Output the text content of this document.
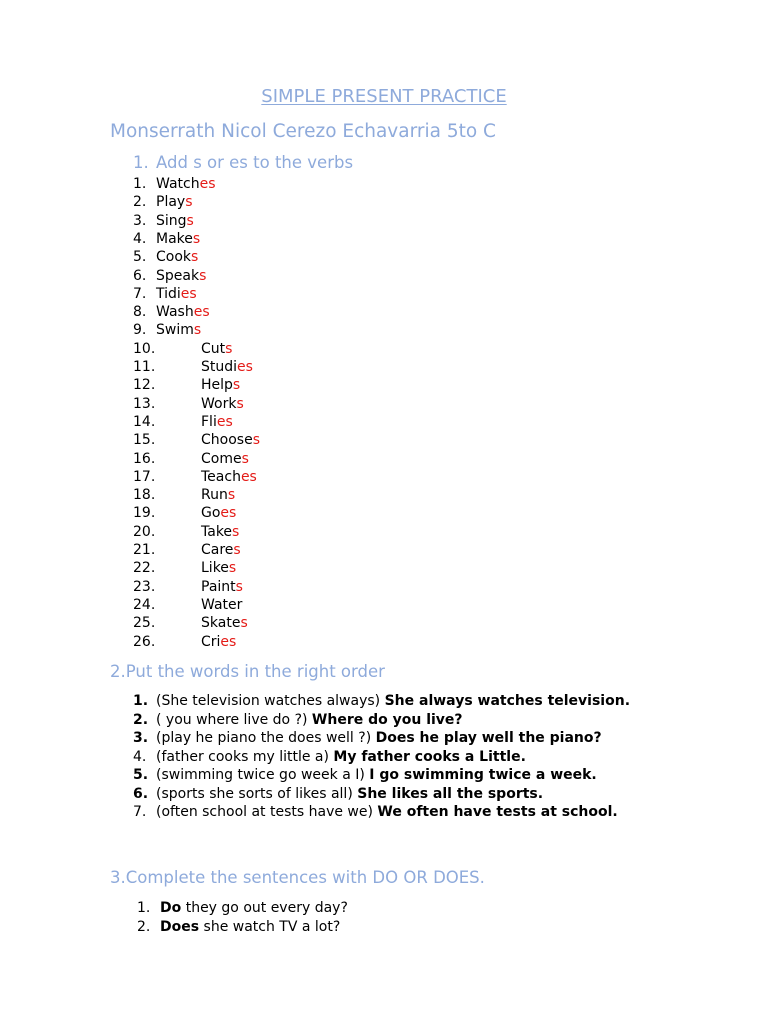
SIMPLE PRESENT PRACTICE
Monserrath Nicol Cerezo Echavarria 5to C
1. Add s or es to the verbs
1. Watches
2. Plays
3. Sings
4. Makes
5. Cooks
6. Speaks
7. Tidies
8. Washes
9. Swims
10.	Cuts
11.	Studies
12.	Helps
13.	Works
14.	Flies
15.	Chooses
16.	Comes
17.	Teaches
18.	Runs
19.	Goes
20.	Takes
21.	Cares
22.	Likes
23.	Paints
24.	Water
25.	Skates
26.	Cries
2.Put the words in the right order
1. (She television watches always) She always watches television.
2. ( you where live do ?) Where do you live?
3. (play he piano the does well ?) Does he play well the piano?
4. (father cooks my little a) My father cooks a Little.
5. (swimming twice go week a I) I go swimming twice a week.
6. (sports she sorts of likes all) She likes all the sports.
7. (often school at tests have we) We often have tests at school.
3.Complete the sentences with DO OR DOES.
1. Do they go out every day?
2. Does she watch TV a lot?
